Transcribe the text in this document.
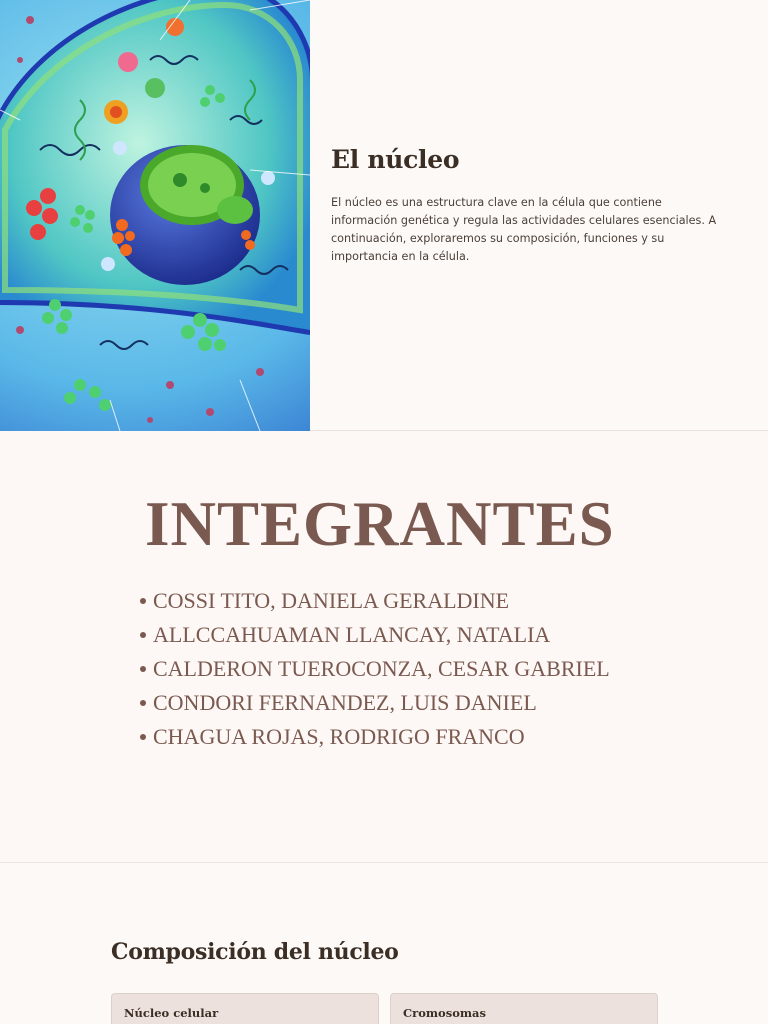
El núcleo

El núcleo es una estructura clave en la célula que contiene información genética y regula las actividades celulares esenciales. A continuación, exploraremos su composición, funciones y su importancia en la célula.

INTEGRANTES
COSSI TITO, DANIELA GERALDINE
ALLCCAHUAMAN LLANCAY, NATALIA
CALDERON TUEROCONZA, CESAR GABRIEL
CONDORI FERNANDEZ, LUIS DANIEL
CHAGUA ROJAS, RODRIGO FRANCO
Composición del núcleo
Núcleo celular	Cromosomas
